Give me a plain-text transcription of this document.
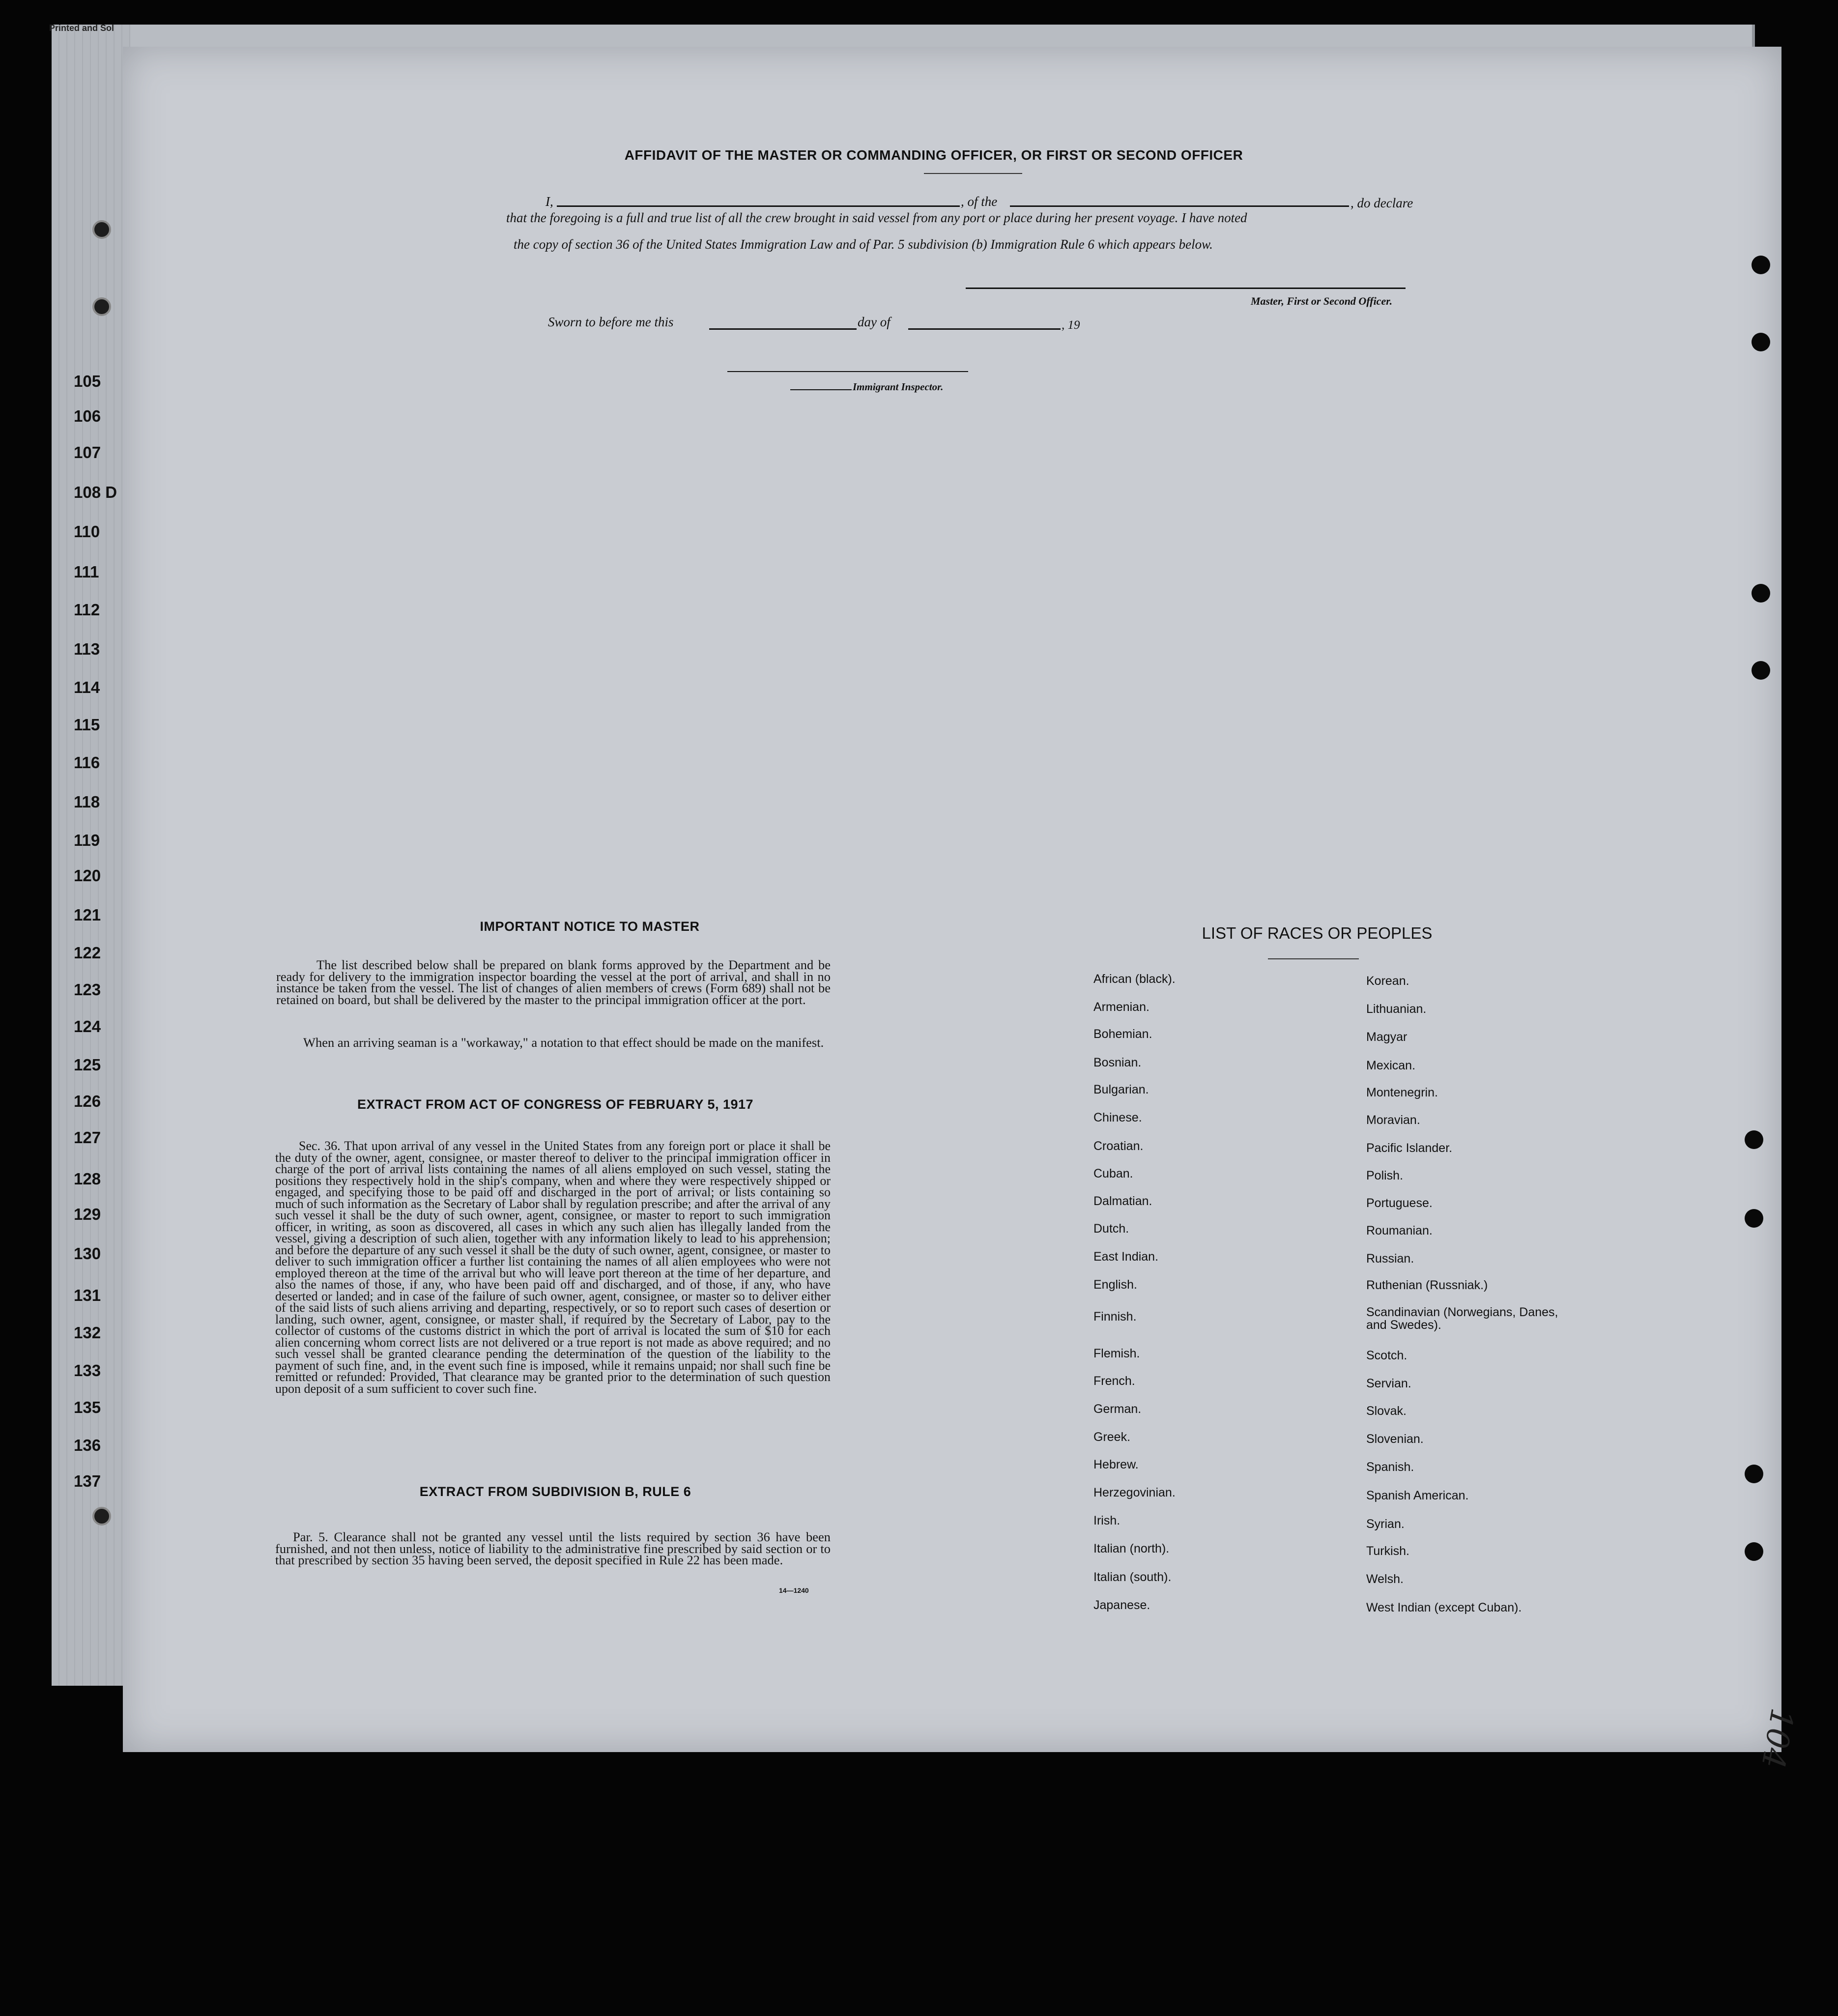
Printed and Sol
105
106
107
108 D
110
111
112
113
114
115
116
118
119
120
121
122
123
124
125
126
127
128
129
130
131
132
133
135
136
137
AFFIDAVIT OF THE MASTER OR COMMANDING OFFICER, OR FIRST OR SECOND OFFICER
I,	, of the	, do declare
that the foregoing is a full and true list of all the crew brought in said vessel from any port or place during her present voyage. I have noted
the copy of section 36 of the United States Immigration Law and of Par. 5 subdivision (b) Immigration Rule 6 which appears below.
Master, First or Second Officer.
Sworn to before me this	day of	, 19
Immigrant Inspector.
IMPORTANT NOTICE TO MASTER
The list described below shall be prepared on blank forms approved by the Department and be ready for delivery to the immigration inspector boarding the vessel at the port of arrival, and shall in no instance be taken from the vessel. The list of changes of alien members of crews (Form 689) shall not be retained on board, but shall be delivered by the master to the principal immigration officer at the port.
When an arriving seaman is a "workaway," a notation to that effect should be made on the manifest.
EXTRACT FROM ACT OF CONGRESS OF FEBRUARY 5, 1917
Sec. 36. That upon arrival of any vessel in the United States from any foreign port or place it shall be the duty of the owner, agent, consignee, or master thereof to deliver to the principal immigration officer in charge of the port of arrival lists containing the names of all aliens employed on such vessel, stating the positions they respectively hold in the ship's company, when and where they were respectively shipped or engaged, and specifying those to be paid off and discharged in the port of arrival; or lists containing so much of such information as the Secretary of Labor shall by regulation prescribe; and after the arrival of any such vessel it shall be the duty of such owner, agent, consignee, or master to report to such immigration officer, in writing, as soon as discovered, all cases in which any such alien has illegally landed from the vessel, giving a description of such alien, together with any information likely to lead to his apprehension; and before the departure of any such vessel it shall be the duty of such owner, agent, consignee, or master to deliver to such immigration officer a further list containing the names of all alien employees who were not employed thereon at the time of the arrival but who will leave port thereon at the time of her departure, and also the names of those, if any, who have been paid off and discharged, and of those, if any, who have deserted or landed; and in case of the failure of such owner, agent, consignee, or master so to deliver either of the said lists of such aliens arriving and departing, respectively, or so to report such cases of desertion or landing, such owner, agent, consignee, or master shall, if required by the Secretary of Labor, pay to the collector of customs of the customs district in which the port of arrival is located the sum of $10 for each alien concerning whom correct lists are not delivered or a true report is not made as above required; and no such vessel shall be granted clearance pending the determination of the question of the liability to the payment of such fine, and, in the event such fine is imposed, while it remains unpaid; nor shall such fine be remitted or refunded: Provided, That clearance may be granted prior to the determination of such question upon deposit of a sum sufficient to cover such fine.
EXTRACT FROM SUBDIVISION B, RULE 6
Par. 5. Clearance shall not be granted any vessel until the lists required by section 36 have been furnished, and not then unless, notice of liability to the administrative fine prescribed by said section or to that prescribed by section 35 having been served, the deposit specified in Rule 22 has been made.
14—1240
LIST OF RACES OR PEOPLES
African (black).
Armenian.
Bohemian.
Bosnian.
Bulgarian.
Chinese.
Croatian.
Cuban.
Dalmatian.
Dutch.
East Indian.
English.
Finnish.
Flemish.
French.
German.
Greek.
Hebrew.
Herzegovinian.
Irish.
Italian (north).
Italian (south).
Japanese.
Korean.
Lithuanian.
Magyar
Mexican.
Montenegrin.
Moravian.
Pacific Islander.
Polish.
Portuguese.
Roumanian.
Russian.
Ruthenian (Russniak.)
Scandinavian (Norwegians, Danes, and Swedes).
Scotch.
Servian.
Slovak.
Slovenian.
Spanish.
Spanish American.
Syrian.
Turkish.
Welsh.
West Indian (except Cuban).
104
